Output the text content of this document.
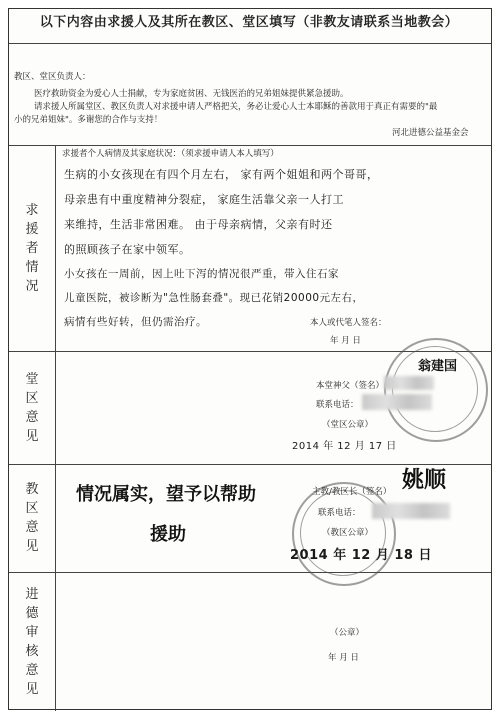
求
援
者
情
况
堂
区
意
见
教
区
意
见
进
德
审
核
意
见
以下内容由求援人及其所在教区、堂区填写（非教友请联系当地教会）
教区、堂区负责人：
医疗救助资金为爱心人士捐献，专为家庭贫困、无钱医治的兄弟姐妹提供紧急援助。
请求援人所属堂区、教区负责人对求援申请人严格把关，务必让爱心人士本耶稣的善款用于真正有需要的"最
小的兄弟姐妹"。多谢您的合作与支持！
河北进德公益基金会
求援者个人病情及其家庭状况：（须求援申请人本人填写）
生病的小女孩现在有四个月左右， 家有两个姐姐和两个哥哥，
母亲患有中重度精神分裂症， 家庭生活靠父亲一人打工
来维持，生活非常困难。 由于母亲病情，父亲有时还
的照顾孩子在家中领军。
小女孩在一周前，因上吐下泻的情况很严重，带入住石家
儿童医院，被诊断为"急性肠套叠"。现已花销20000元左右，
病情有些好转，但仍需治疗。	本人或代笔人签名：
年 月 日
翁建国
本堂神父（签名）
联系电话：
（堂区公章）
2014 年 12 月 17 日
情况属实，望予以帮助
援助
主教/教区长（签名） 姚顺
联系电话：
（教区公章）
2014 年 12 月 18 日
（公章）
年 月 日
